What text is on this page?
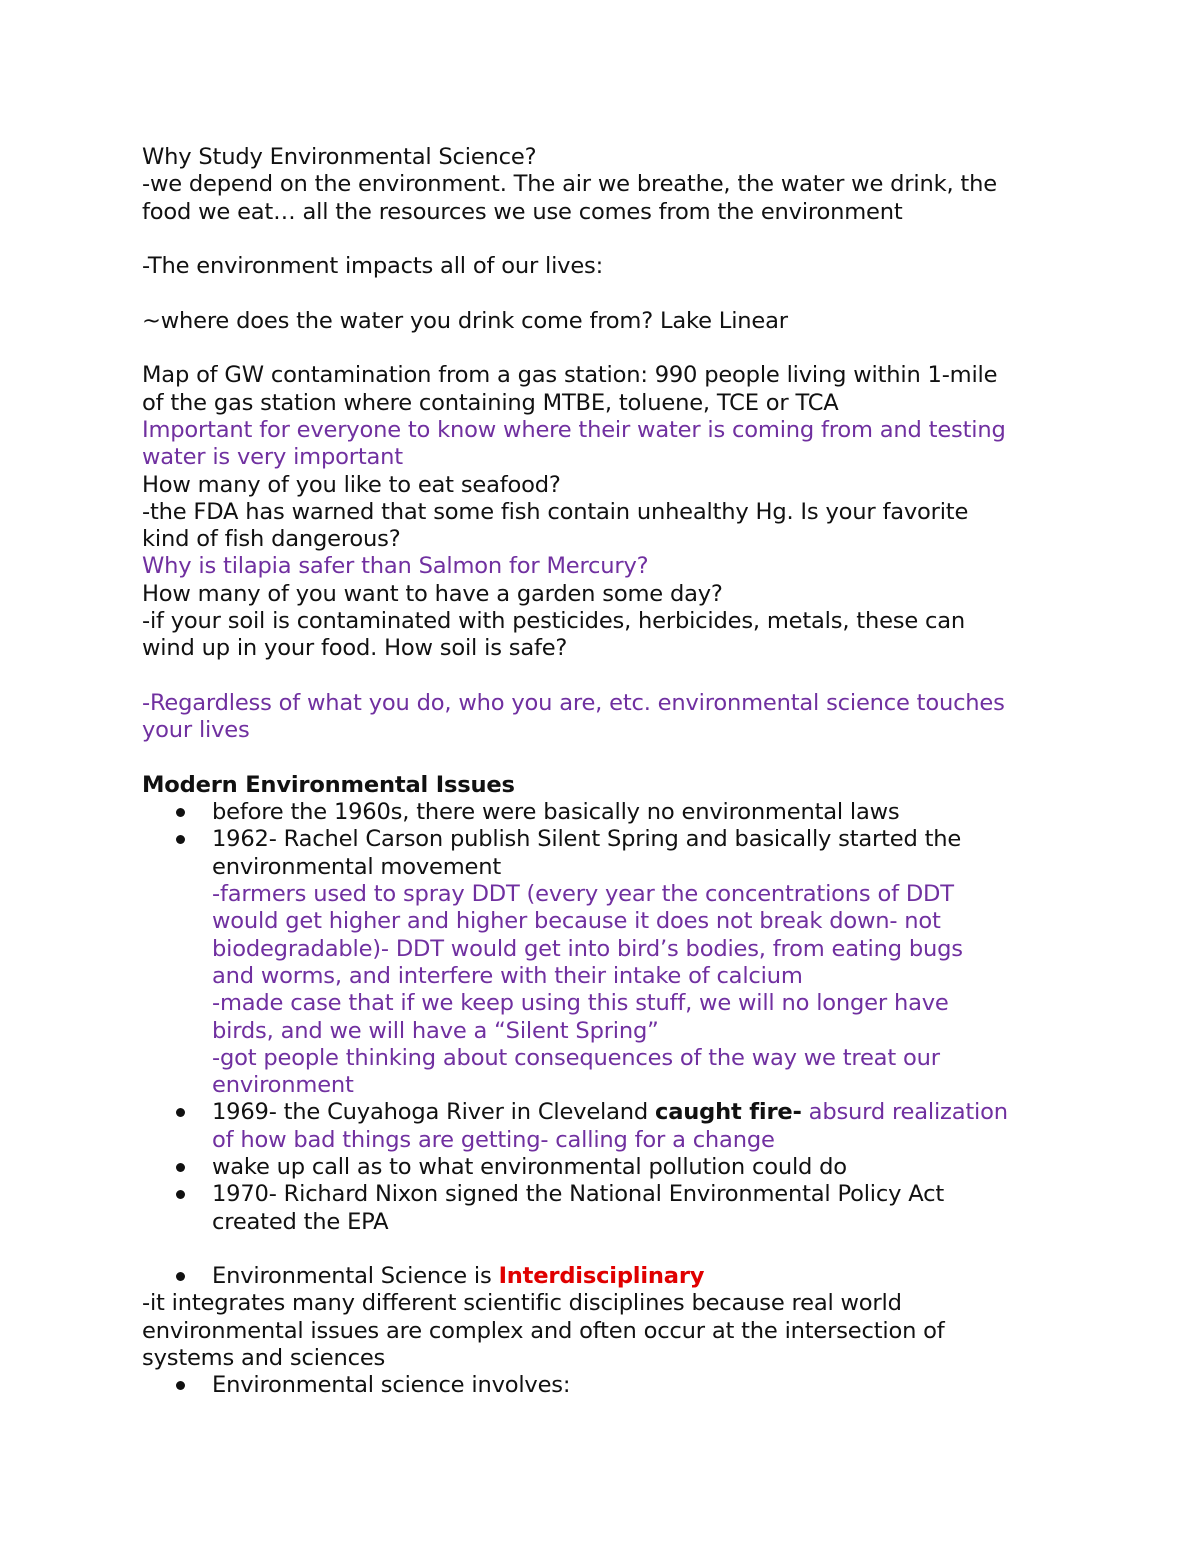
Why Study Environmental Science?
-we depend on the environment. The air we breathe, the water we drink, the
food we eat… all the resources we use comes from the environment
-The environment impacts all of our lives:
~where does the water you drink come from? Lake Linear
Map of GW contamination from a gas station: 990 people living within 1-mile
of the gas station where containing MTBE, toluene, TCE or TCA
Important for everyone to know where their water is coming from and testing
water is very important
How many of you like to eat seafood?
-the FDA has warned that some fish contain unhealthy Hg. Is your favorite
kind of fish dangerous?
Why is tilapia safer than Salmon for Mercury?
How many of you want to have a garden some day?
-if your soil is contaminated with pesticides, herbicides, metals, these can
wind up in your food. How soil is safe?
-Regardless of what you do, who you are, etc. environmental science touches
your lives
Modern Environmental Issues
before the 1960s, there were basically no environmental laws
1962- Rachel Carson publish Silent Spring and basically started the
environmental movement
-farmers used to spray DDT (every year the concentrations of DDT
would get higher and higher because it does not break down- not
biodegradable)- DDT would get into bird’s bodies, from eating bugs
and worms, and interfere with their intake of calcium
-made case that if we keep using this stuff, we will no longer have
birds, and we will have a “Silent Spring”
-got people thinking about consequences of the way we treat our
environment
1969- the Cuyahoga River in Cleveland caught fire- absurd realization
of how bad things are getting- calling for a change
wake up call as to what environmental pollution could do
1970- Richard Nixon signed the National Environmental Policy Act
created the EPA
Environmental Science is Interdisciplinary
-it integrates many different scientific disciplines because real world
environmental issues are complex and often occur at the intersection of
systems and sciences
Environmental science involves:
